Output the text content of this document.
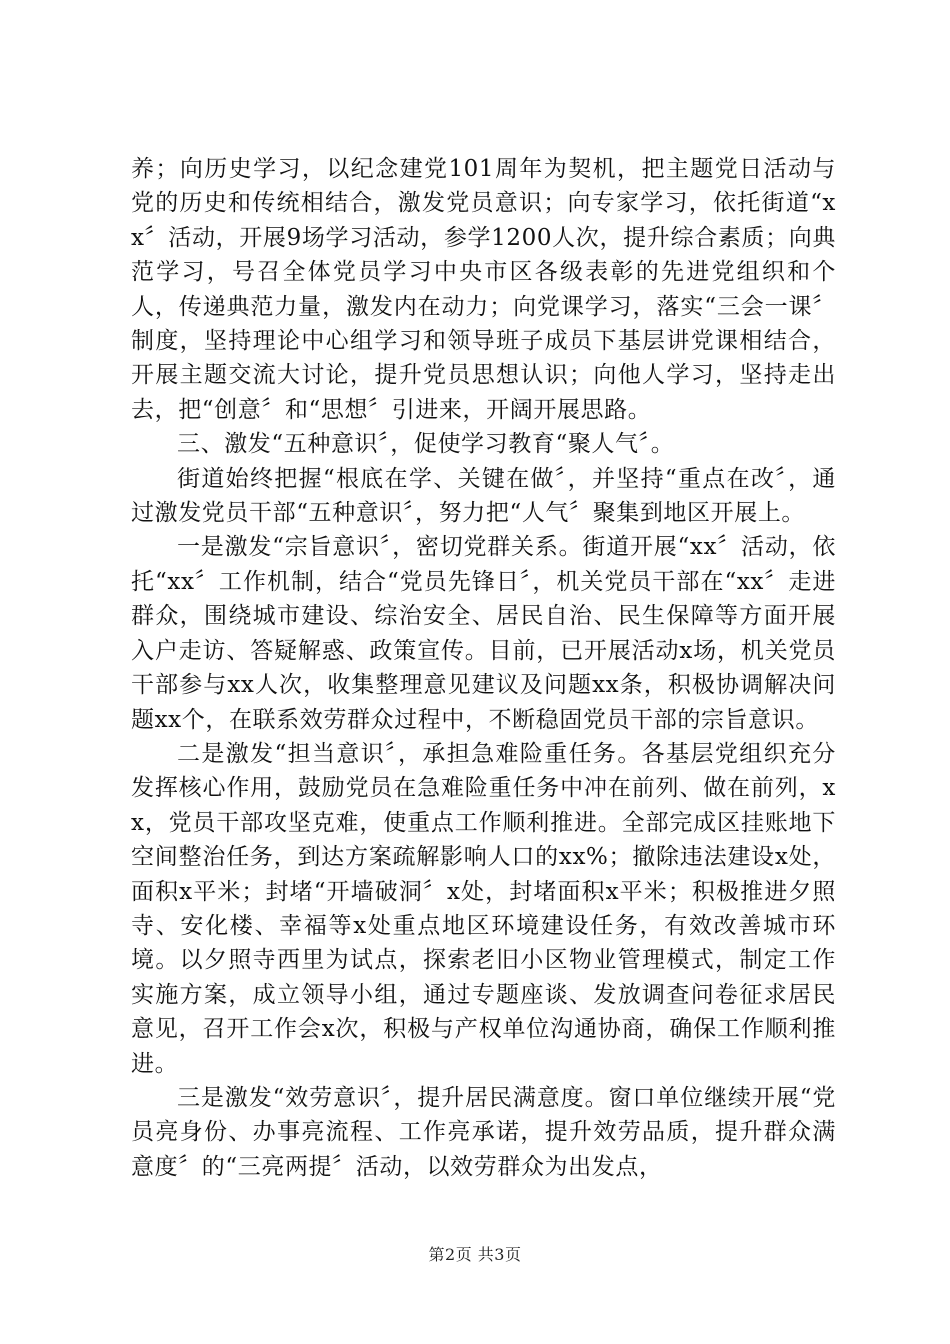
养；向历史学习，以纪念建党101周年为契机，把主题党日活动与党的历史和传统相结合，激发党员意识；向专家学习，依托街道“xx〞活动，开展9场学习活动，参学1200人次，提升综合素质；向典范学习，号召全体党员学习中央市区各级表彰的先进党组织和个人，传递典范力量，激发内在动力；向党课学习，落实“三会一课〞制度，坚持理论中心组学习和领导班子成员下基层讲党课相结合，开展主题交流大讨论，提升党员思想认识；向他人学习，坚持走出去，把“创意〞和“思想〞引进来，开阔开展思路。

三、激发“五种意识〞，促使学习教育“聚人气〞。

街道始终把握“根底在学、关键在做〞，并坚持“重点在改〞，通过激发党员干部“五种意识〞，努力把“人气〞聚集到地区开展上。

一是激发“宗旨意识〞，密切党群关系。街道开展“xx〞活动，依托“xx〞工作机制，结合“党员先锋日〞，机关党员干部在“xx〞走进群众，围绕城市建设、综治安全、居民自治、民生保障等方面开展入户走访、答疑解惑、政策宣传。目前，已开展活动x场，机关党员干部参与xx人次，收集整理意见建议及问题xx条，积极协调解决问题xx个，在联系效劳群众过程中，不断稳固党员干部的宗旨意识。

二是激发“担当意识〞，承担急难险重任务。各基层党组织充分发挥核心作用，鼓励党员在急难险重任务中冲在前列、做在前列，xx，党员干部攻坚克难，使重点工作顺利推进。全部完成区挂账地下空间整治任务，到达方案疏解影响人口的xx%；撤除违法建设x处，面积x平米；封堵“开墙破洞〞x处，封堵面积x平米；积极推进夕照寺、安化楼、幸福等x处重点地区环境建设任务，有效改善城市环境。以夕照寺西里为试点，探索老旧小区物业管理模式，制定工作实施方案，成立领导小组，通过专题座谈、发放调查问卷征求居民意见，召开工作会x次，积极与产权单位沟通协商，确保工作顺利推进。

三是激发“效劳意识〞，提升居民满意度。窗口单位继续开展“党员亮身份、办事亮流程、工作亮承诺，提升效劳品质，提升群众满意度〞的“三亮两提〞活动，以效劳群众为出发点，

第2页 共3页
